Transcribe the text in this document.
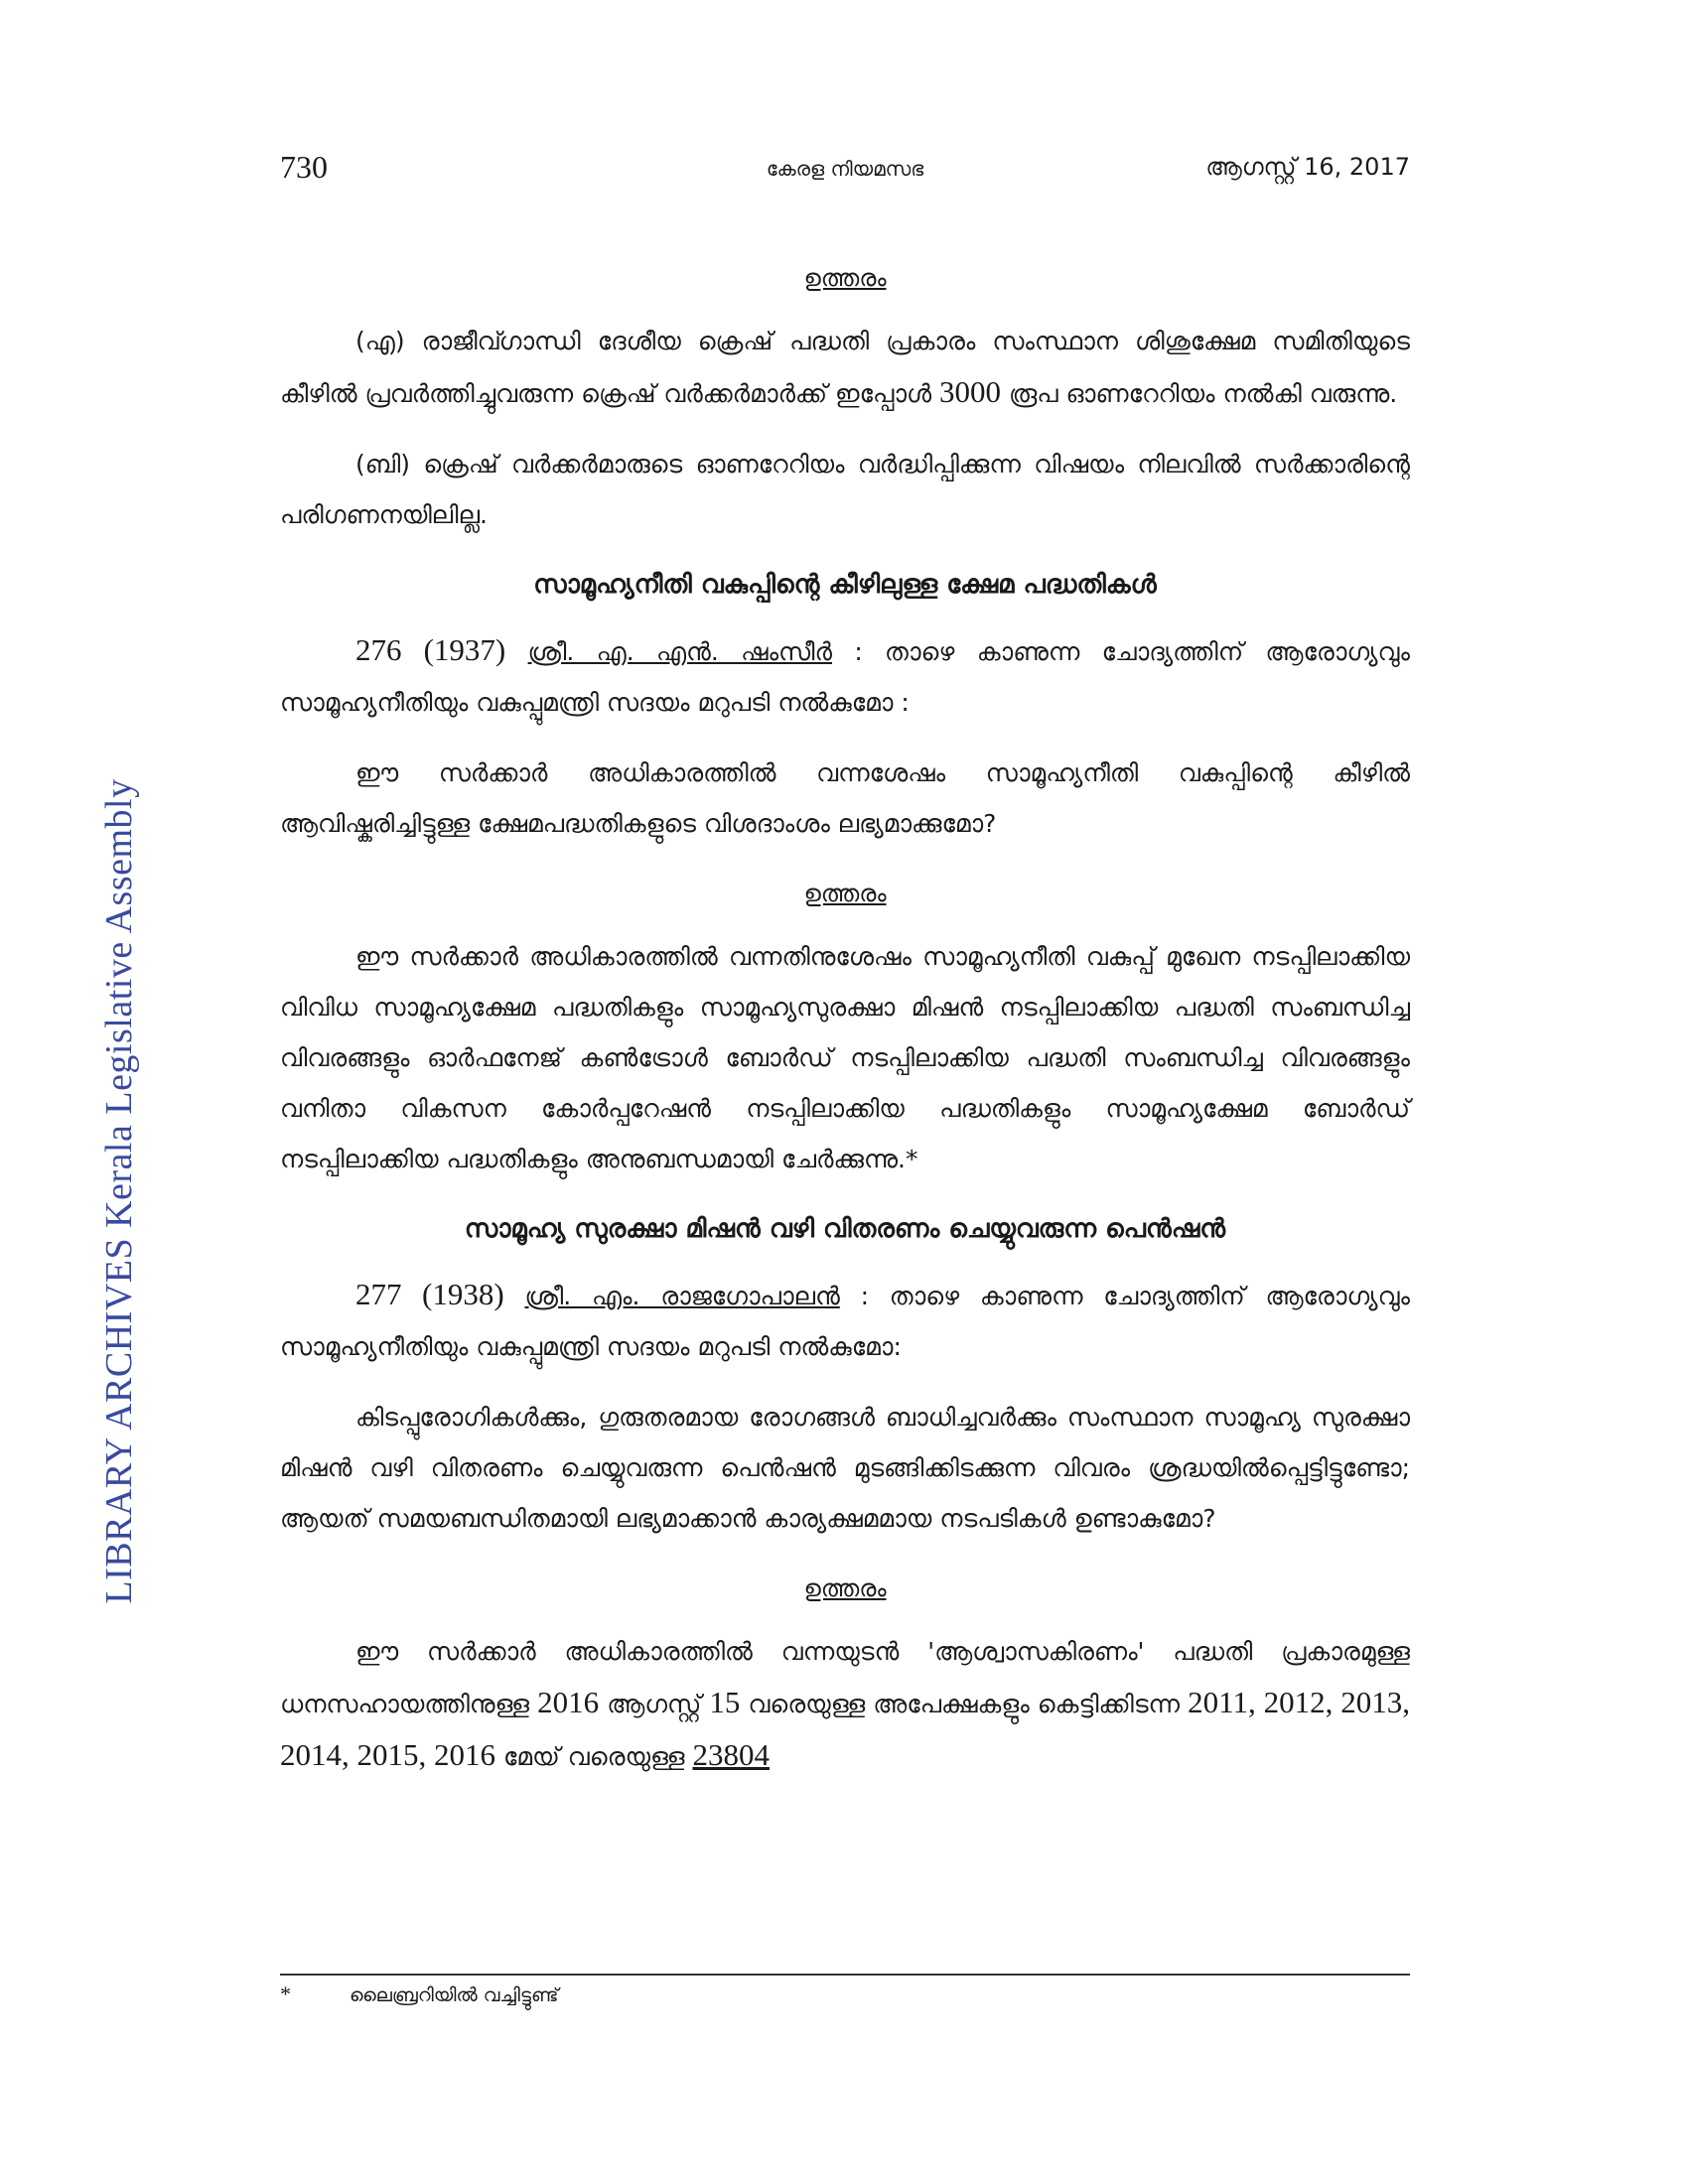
LIBRARY ARCHIVES Kerala Legislative Assembly
730	കേരള നിയമസഭ	ആഗസ്റ്റ് 16, 2017
ഉത്തരം

(എ) രാജീവ്ഗാന്ധി ദേശീയ ക്രെഷ് പദ്ധതി പ്രകാരം സംസ്ഥാന ശിശുക്ഷേമ സമിതിയുടെ കീഴിൽ പ്രവർത്തിച്ചുവരുന്ന ക്രെഷ് വർക്കർമാർക്ക് ഇപ്പോൾ 3000 രൂപ ഓണറേറിയം നൽകി വരുന്നു.

(ബി) ക്രെഷ് വർക്കർമാരുടെ ഓണറേറിയം വർദ്ധിപ്പിക്കുന്ന വിഷയം നിലവിൽ സർക്കാരിന്റെ പരിഗണനയിലില്ല.

സാമൂഹ്യനീതി വകുപ്പിന്റെ കീഴിലുള്ള ക്ഷേമ പദ്ധതികൾ

276 (1937) ശ്രീ. എ. എൻ. ഷംസീർ : താഴെ കാണുന്ന ചോദ്യത്തിന് ആരോഗ്യവും സാമൂഹ്യനീതിയും വകുപ്പുമന്ത്രി സദയം മറുപടി നൽകുമോ :

ഈ സർക്കാർ അധികാരത്തിൽ വന്നശേഷം സാമൂഹ്യനീതി വകുപ്പിന്റെ കീഴിൽ ആവിഷ്കരിച്ചിട്ടുള്ള ക്ഷേമപദ്ധതികളുടെ വിശദാംശം ലഭ്യമാക്കുമോ?

ഉത്തരം

ഈ സർക്കാർ അധികാരത്തിൽ വന്നതിനുശേഷം സാമൂഹ്യനീതി വകുപ്പ് മുഖേന നടപ്പിലാക്കിയ വിവിധ സാമൂഹ്യക്ഷേമ പദ്ധതികളും സാമൂഹ്യസുരക്ഷാ മിഷൻ നടപ്പിലാക്കിയ പദ്ധതി സംബന്ധിച്ച വിവരങ്ങളും ഓർഫനേജ് കൺട്രോൾ ബോർഡ് നടപ്പിലാക്കിയ പദ്ധതി സംബന്ധിച്ച വിവരങ്ങളും വനിതാ വികസന കോർപ്പറേഷൻ നടപ്പിലാക്കിയ പദ്ധതികളും സാമൂഹ്യക്ഷേമ ബോർഡ് നടപ്പിലാക്കിയ പദ്ധതികളും അനുബന്ധമായി ചേർക്കുന്നു.*

സാമൂഹ്യ സുരക്ഷാ മിഷൻ വഴി വിതരണം ചെയ്യുവരുന്ന പെൻഷൻ

277 (1938) ശ്രീ. എം. രാജഗോപാലൻ : താഴെ കാണുന്ന ചോദ്യത്തിന് ആരോഗ്യവും സാമൂഹ്യനീതിയും വകുപ്പുമന്ത്രി സദയം മറുപടി നൽകുമോ:

കിടപ്പുരോഗികൾക്കും, ഗുരുതരമായ രോഗങ്ങൾ ബാധിച്ചവർക്കും സംസ്ഥാന സാമൂഹ്യ സുരക്ഷാ മിഷൻ വഴി വിതരണം ചെയ്യുവരുന്ന പെൻഷൻ മുടങ്ങിക്കിടക്കുന്ന വിവരം ശ്രദ്ധയിൽപ്പെട്ടിട്ടുണ്ടോ; ആയത് സമയബന്ധിതമായി ലഭ്യമാക്കാൻ കാര്യക്ഷമമായ നടപടികൾ ഉണ്ടാകുമോ?

ഉത്തരം

ഈ സർക്കാർ അധികാരത്തിൽ വന്നയുടൻ 'ആശ്വാസകിരണം' പദ്ധതി പ്രകാരമുള്ള ധനസഹായത്തിനുള്ള 2016 ആഗസ്റ്റ് 15 വരെയുള്ള അപേക്ഷകളും കെട്ടിക്കിടന്ന 2011, 2012, 2013, 2014, 2015, 2016 മേയ് വരെയുള്ള 23804

*	ലൈബ്രറിയിൽ വച്ചിട്ടുണ്ട്
